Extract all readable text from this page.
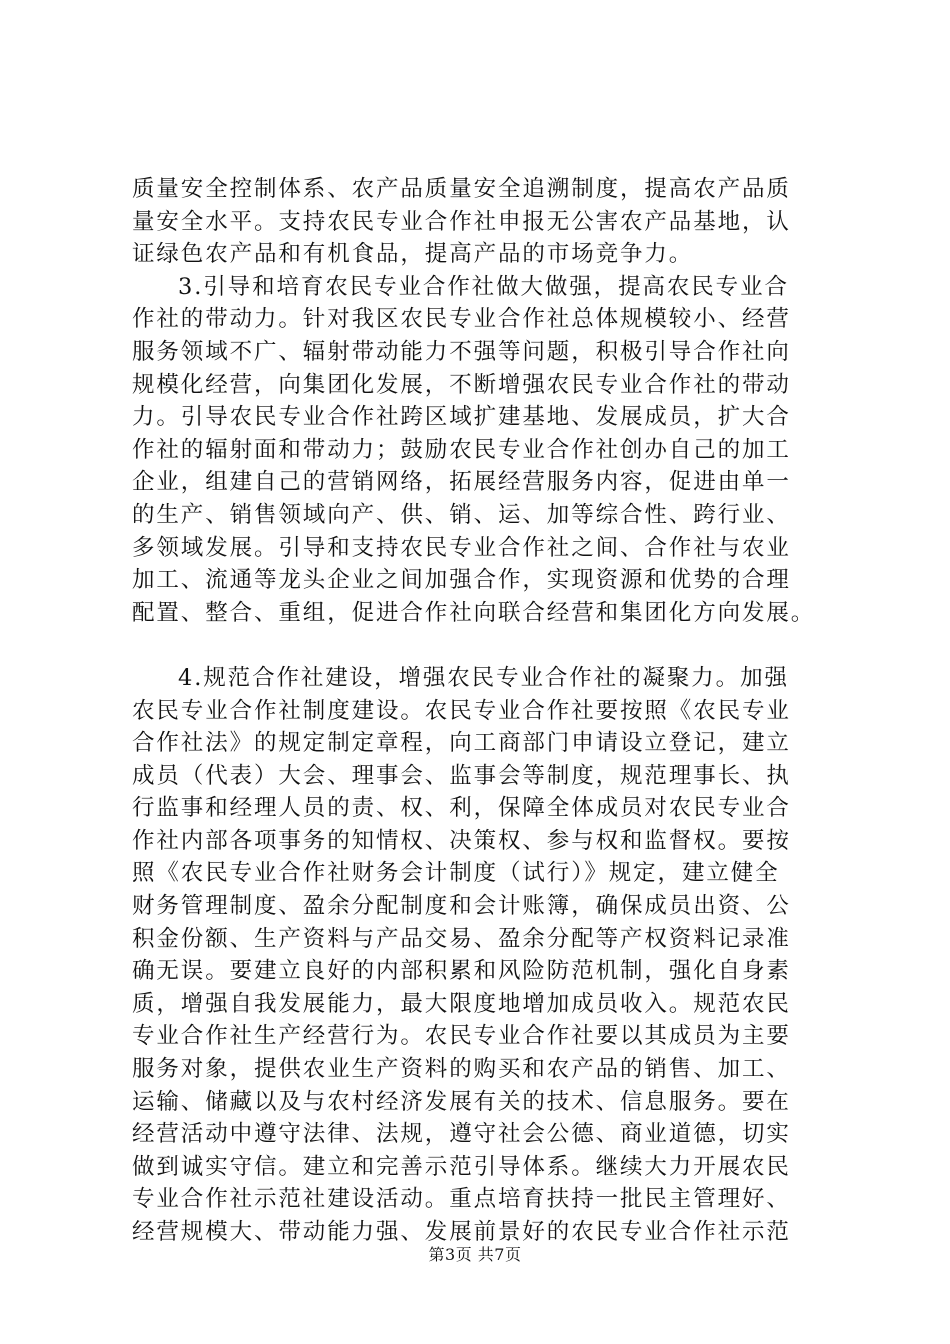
质量安全控制体系、农产品质量安全追溯制度，提高农产品质
量安全水平。支持农民专业合作社申报无公害农产品基地，认
证绿色农产品和有机食品，提高产品的市场竞争力。
3.引导和培育农民专业合作社做大做强，提高农民专业合
作社的带动力。针对我区农民专业合作社总体规模较小、经营
服务领域不广、辐射带动能力不强等问题，积极引导合作社向
规模化经营，向集团化发展，不断增强农民专业合作社的带动
力。引导农民专业合作社跨区域扩建基地、发展成员，扩大合
作社的辐射面和带动力；鼓励农民专业合作社创办自己的加工
企业，组建自己的营销网络，拓展经营服务内容，促进由单一
的生产、销售领域向产、供、销、运、加等综合性、跨行业、
多领域发展。引导和支持农民专业合作社之间、合作社与农业
加工、流通等龙头企业之间加强合作，实现资源和优势的合理
配置、整合、重组，促进合作社向联合经营和集团化方向发展。
4.规范合作社建设，增强农民专业合作社的凝聚力。加强
农民专业合作社制度建设。农民专业合作社要按照《农民专业
合作社法》的规定制定章程，向工商部门申请设立登记，建立
成员（代表）大会、理事会、监事会等制度，规范理事长、执
行监事和经理人员的责、权、利，保障全体成员对农民专业合
作社内部各项事务的知情权、决策权、参与权和监督权。要按
照《农民专业合作社财务会计制度（试行）》规定，建立健全
财务管理制度、盈余分配制度和会计账簿，确保成员出资、公
积金份额、生产资料与产品交易、盈余分配等产权资料记录准
确无误。要建立良好的内部积累和风险防范机制，强化自身素
质，增强自我发展能力，最大限度地增加成员收入。规范农民
专业合作社生产经营行为。农民专业合作社要以其成员为主要
服务对象，提供农业生产资料的购买和农产品的销售、加工、
运输、储藏以及与农村经济发展有关的技术、信息服务。要在
经营活动中遵守法律、法规，遵守社会公德、商业道德，切实
做到诚实守信。建立和完善示范引导体系。继续大力开展农民
专业合作社示范社建设活动。重点培育扶持一批民主管理好、
经营规模大、带动能力强、发展前景好的农民专业合作社示范
第3页 共7页
